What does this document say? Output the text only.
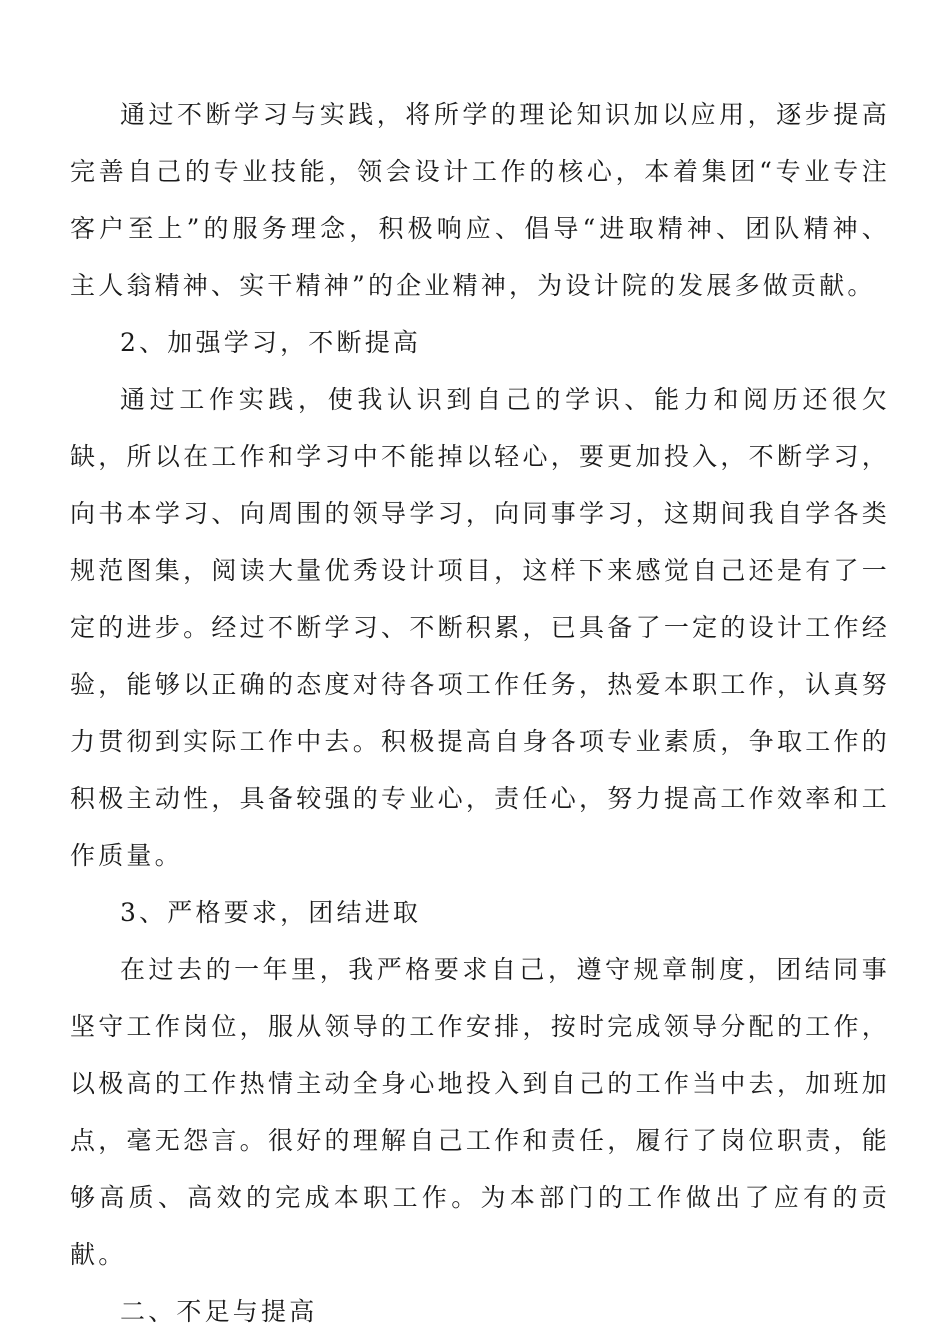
通过不断学习与实践，将所学的理论知识加以应用，逐步提高完善自己的专业技能，领会设计工作的核心，本着集团“专业专注客户至上”的服务理念，积极响应、倡导“进取精神、团队精神、主人翁精神、实干精神”的企业精神，为设计院的发展多做贡献。

2、加强学习，不断提高

通过工作实践，使我认识到自己的学识、能力和阅历还很欠缺，所以在工作和学习中不能掉以轻心，要更加投入，不断学习，向书本学习、向周围的领导学习，向同事学习，这期间我自学各类规范图集，阅读大量优秀设计项目，这样下来感觉自己还是有了一定的进步。经过不断学习、不断积累，已具备了一定的设计工作经验，能够以正确的态度对待各项工作任务，热爱本职工作，认真努力贯彻到实际工作中去。积极提高自身各项专业素质，争取工作的积极主动性，具备较强的专业心，责任心，努力提高工作效率和工作质量。

3、严格要求，团结进取

在过去的一年里，我严格要求自己，遵守规章制度，团结同事坚守工作岗位，服从领导的工作安排，按时完成领导分配的工作，以极高的工作热情主动全身心地投入到自己的工作当中去，加班加点，毫无怨言。很好的理解自己工作和责任，履行了岗位职责，能够高质、高效的完成本职工作。为本部门的工作做出了应有的贡献。

二、不足与提高
